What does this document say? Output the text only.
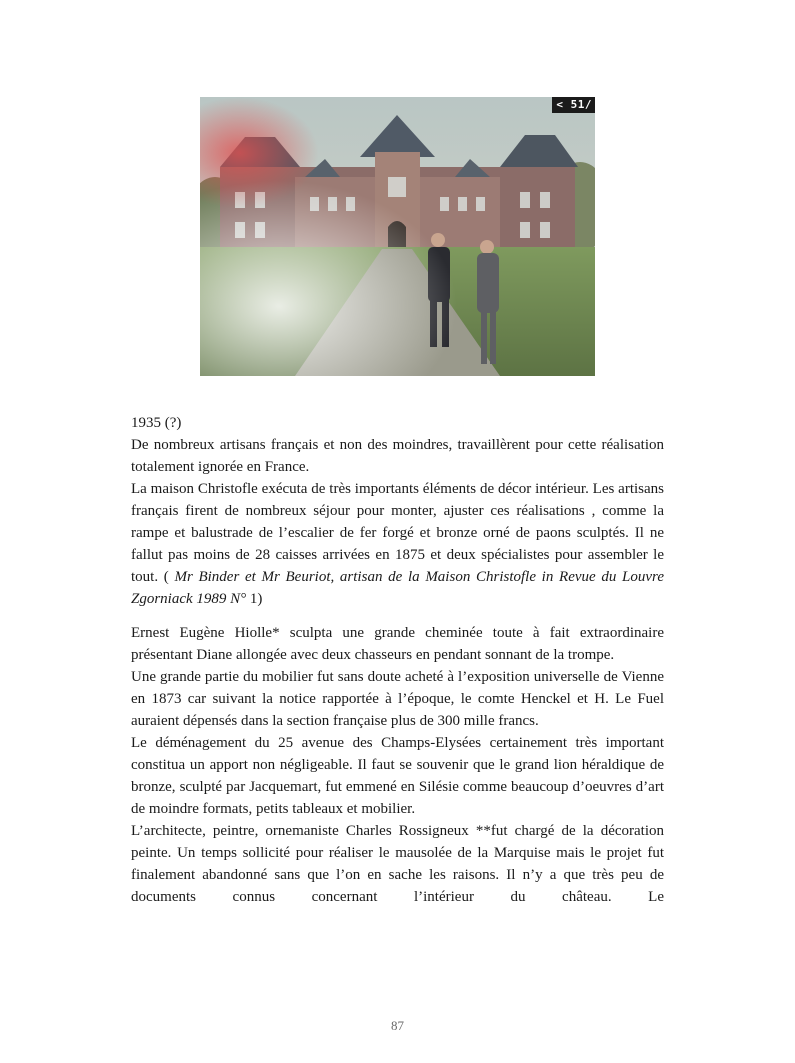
< 51/

1935 (?)

De nombreux artisans français et non des moindres, travaillèrent pour cette réalisation totalement ignorée en France.

La maison Christofle exécuta de très importants éléments de décor intérieur. Les artisans français firent de nombreux séjour pour monter, ajuster ces réalisations , comme la rampe et balustrade de l’escalier de fer forgé et bronze orné de paons sculptés. Il ne fallut pas moins de 28 caisses arrivées en 1875 et deux spécialistes pour assembler le tout. ( Mr Binder et Mr Beuriot, artisan de la Maison Christofle in Revue du Louvre Zgorniack 1989 N° 1)

Ernest Eugène Hiolle* sculpta une grande cheminée toute à fait extraordinaire présentant Diane allongée avec deux chasseurs en pendant sonnant de la trompe.

Une grande partie du mobilier fut sans doute acheté à l’exposition universelle de Vienne en 1873 car suivant la notice rapportée à l’époque, le comte Henckel et H. Le Fuel auraient dépensés dans la section française plus de 300 mille francs.

Le déménagement du 25 avenue des Champs-Elysées certainement très important constitua un apport non négligeable. Il faut se souvenir que le grand lion héraldique de bronze, sculpté par Jacquemart, fut emmené en Silésie comme beaucoup d’oeuvres d’art de moindre formats, petits tableaux et mobilier.

L’architecte, peintre, ornemaniste Charles Rossigneux **fut chargé de la décoration peinte. Un temps sollicité pour réaliser le mausolée de la Marquise mais le projet fut finalement abandonné sans que l’on en sache les raisons. Il n’y a que très peu de documents connus concernant l’intérieur du château. Le

87
